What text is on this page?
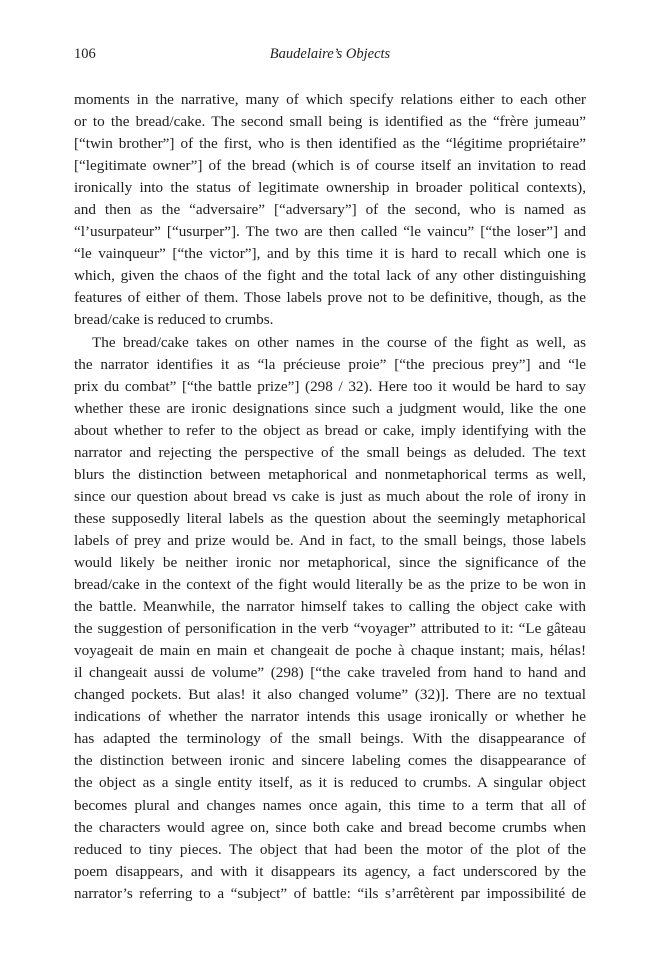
106	Baudelaire’s Objects
moments in the narrative, many of which specify relations either to each other
or to the bread/cake. The second small being is identified as the “frère jumeau”
[“twin brother”] of the first, who is then identified as the “légitime propriétaire”
[“legitimate owner”] of the bread (which is of course itself an invitation to read
ironically into the status of legitimate ownership in broader political contexts),
and then as the “adversaire” [“adversary”] of the second, who is named as
“l’usurpateur” [“usurper”]. The two are then called “le vaincu” [“the loser”] and
“le vainqueur” [“the victor”], and by this time it is hard to recall which one is
which, given the chaos of the fight and the total lack of any other distinguishing
features of either of them. Those labels prove not to be definitive, though, as the
bread/cake is reduced to crumbs.
The bread/cake takes on other names in the course of the fight as well, as
the narrator identifies it as “la précieuse proie” [“the precious prey”] and “le
prix du combat” [“the battle prize”] (298 / 32). Here too it would be hard to say
whether these are ironic designations since such a judgment would, like the one
about whether to refer to the object as bread or cake, imply identifying with the
narrator and rejecting the perspective of the small beings as deluded. The text
blurs the distinction between metaphorical and nonmetaphorical terms as well,
since our question about bread vs cake is just as much about the role of irony in
these supposedly literal labels as the question about the seemingly metaphorical
labels of prey and prize would be. And in fact, to the small beings, those labels
would likely be neither ironic nor metaphorical, since the significance of the
bread/cake in the context of the fight would literally be as the prize to be won in
the battle. Meanwhile, the narrator himself takes to calling the object cake with
the suggestion of personification in the verb “voyager” attributed to it: “Le gâteau
voyageait de main en main et changeait de poche à chaque instant; mais, hélas!
il changeait aussi de volume” (298) [“the cake traveled from hand to hand and
changed pockets. But alas! it also changed volume” (32)]. There are no textual
indications of whether the narrator intends this usage ironically or whether he
has adapted the terminology of the small beings. With the disappearance of
the distinction between ironic and sincere labeling comes the disappearance of
the object as a single entity itself, as it is reduced to crumbs. A singular object
becomes plural and changes names once again, this time to a term that all of
the characters would agree on, since both cake and bread become crumbs when
reduced to tiny pieces. The object that had been the motor of the plot of the
poem disappears, and with it disappears its agency, a fact underscored by the
narrator’s referring to a “subject” of battle: “ils s’arrêtèrent par impossibilité de
